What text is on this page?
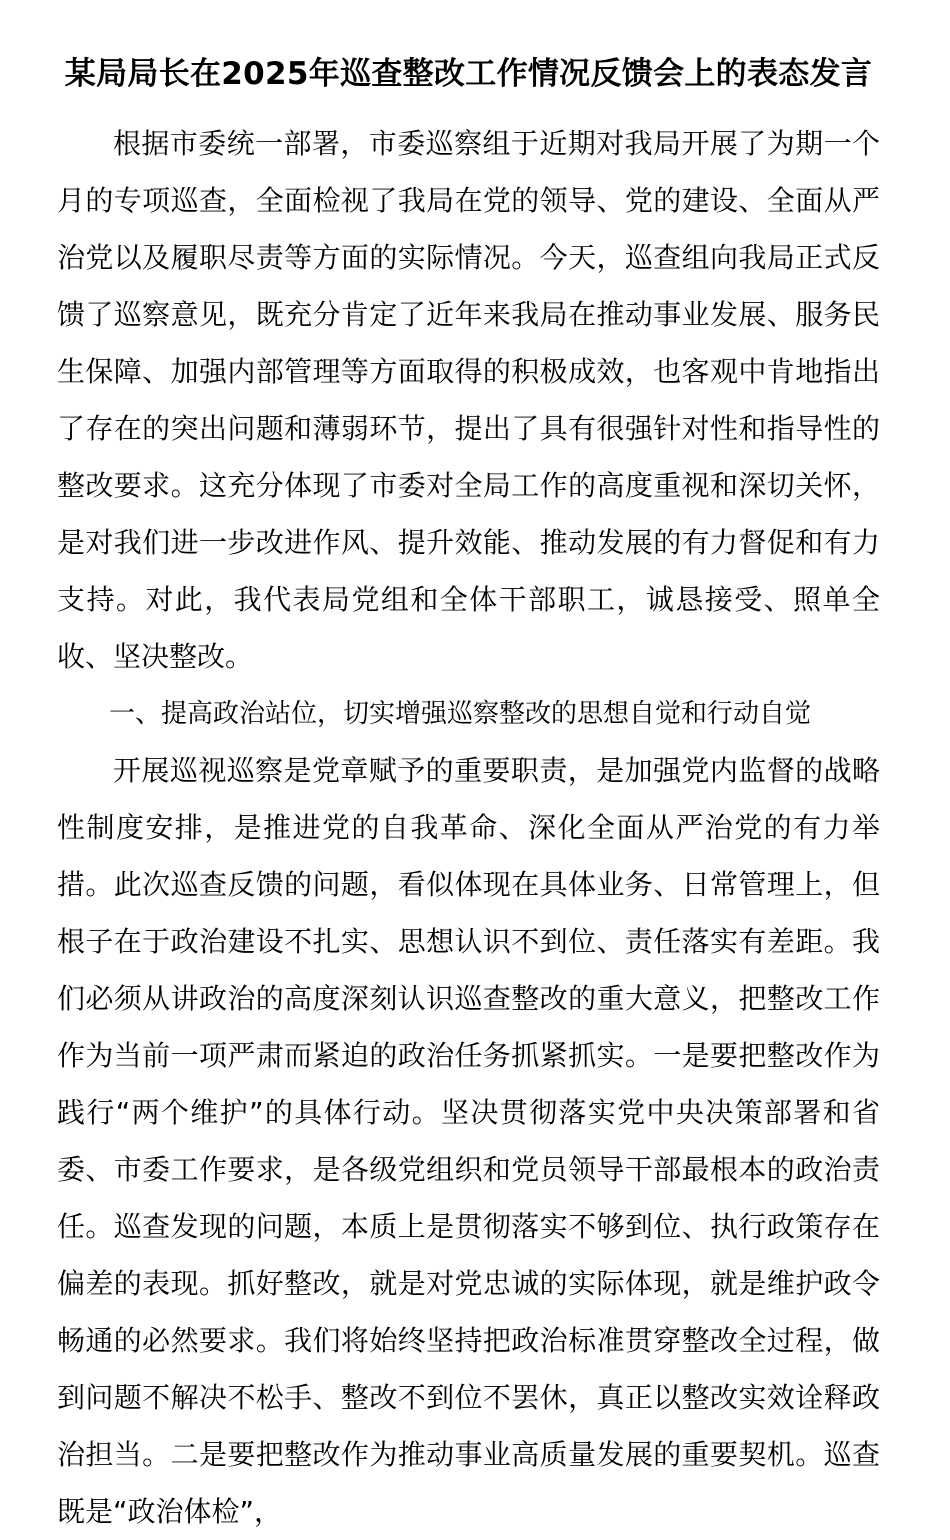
某局局长在2025年巡查整改工作情况反馈会上的表态发言

根据市委统一部署，市委巡察组于近期对我局开展了为期一个月的专项巡查，全面检视了我局在党的领导、党的建设、全面从严治党以及履职尽责等方面的实际情况。今天，巡查组向我局正式反馈了巡察意见，既充分肯定了近年来我局在推动事业发展、服务民生保障、加强内部管理等方面取得的积极成效，也客观中肯地指出了存在的突出问题和薄弱环节，提出了具有很强针对性和指导性的整改要求。这充分体现了市委对全局工作的高度重视和深切关怀，是对我们进一步改进作风、提升效能、推动发展的有力督促和有力支持。对此，我代表局党组和全体干部职工，诚恳接受、照单全收、坚决整改。

一、提高政治站位，切实增强巡察整改的思想自觉和行动自觉

开展巡视巡察是党章赋予的重要职责，是加强党内监督的战略性制度安排，是推进党的自我革命、深化全面从严治党的有力举措。此次巡查反馈的问题，看似体现在具体业务、日常管理上，但根子在于政治建设不扎实、思想认识不到位、责任落实有差距。我们必须从讲政治的高度深刻认识巡查整改的重大意义，把整改工作作为当前一项严肃而紧迫的政治任务抓紧抓实。一是要把整改作为践行“两个维护”的具体行动。坚决贯彻落实党中央决策部署和省委、市委工作要求，是各级党组织和党员领导干部最根本的政治责任。巡查发现的问题，本质上是贯彻落实不够到位、执行政策存在偏差的表现。抓好整改，就是对党忠诚的实际体现，就是维护政令畅通的必然要求。我们将始终坚持把政治标准贯穿整改全过程，做到问题不解决不松手、整改不到位不罢休，真正以整改实效诠释政治担当。二是要把整改作为推动事业高质量发展的重要契机。巡查既是“政治体检”，
